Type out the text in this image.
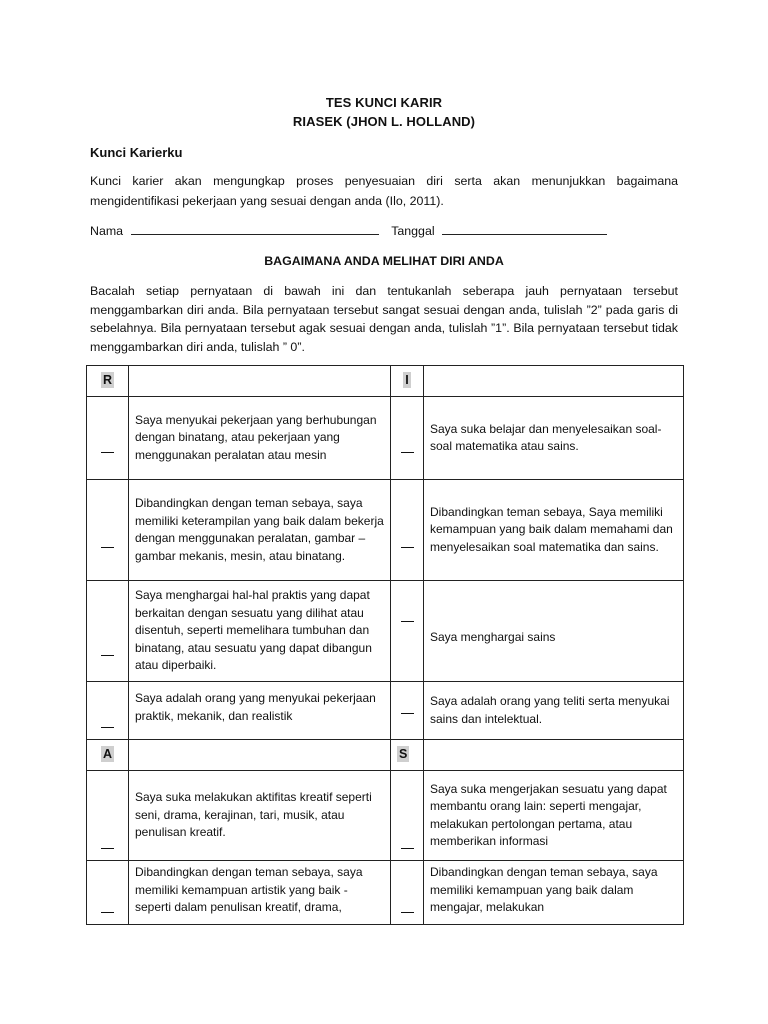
TES KUNCI KARIR
RIASEK (JHON L. HOLLAND)
Kunci Karierku
Kunci karier akan mengungkap proses penyesuaian diri serta akan menunjukkan bagaimana mengidentifikasi pekerjaan yang sesuai dengan anda (Ilo, 2011).
Nama	Tanggal
BAGAIMANA ANDA MELIHAT DIRI ANDA
Bacalah setiap pernyataan di bawah ini dan tentukanlah seberapa jauh pernyataan tersebut menggambarkan diri anda. Bila pernyataan tersebut sangat sesuai dengan anda, tulislah ”2” pada garis di sebelahnya. Bila pernyataan tersebut agak sesuai dengan anda, tulislah ”1”. Bila pernyataan tersebut tidak menggambarkan diri anda, tulislah ” 0”.
R		I	
	Saya menyukai pekerjaan yang berhubungan dengan binatang, atau pekerjaan yang menggunakan peralatan atau mesin		Saya suka belajar dan menyelesaikan soal-soal matematika atau sains.
	Dibandingkan dengan teman sebaya, saya memiliki keterampilan yang baik dalam bekerja dengan menggunakan peralatan, gambar –gambar mekanis, mesin, atau binatang.		Dibandingkan teman sebaya, Saya memiliki kemampuan yang baik dalam memahami dan menyelesaikan soal matematika dan sains.
	Saya menghargai hal-hal praktis yang dapat berkaitan dengan sesuatu yang dilihat atau disentuh, seperti memelihara tumbuhan dan binatang, atau sesuatu yang dapat dibangun atau diperbaiki.		Saya menghargai sains
	Saya adalah orang yang menyukai pekerjaan praktik, mekanik, dan realistik		Saya adalah orang yang teliti serta menyukai sains dan intelektual.
A		S	
	Saya suka melakukan aktifitas kreatif seperti seni, drama, kerajinan, tari, musik, atau penulisan kreatif.		Saya suka mengerjakan sesuatu yang dapat membantu orang lain: seperti mengajar, melakukan pertolongan pertama, atau memberikan informasi
	Dibandingkan dengan teman sebaya, saya memiliki kemampuan artistik yang baik - seperti dalam penulisan kreatif, drama,		Dibandingkan dengan teman sebaya, saya memiliki kemampuan yang baik dalam mengajar, melakukan
